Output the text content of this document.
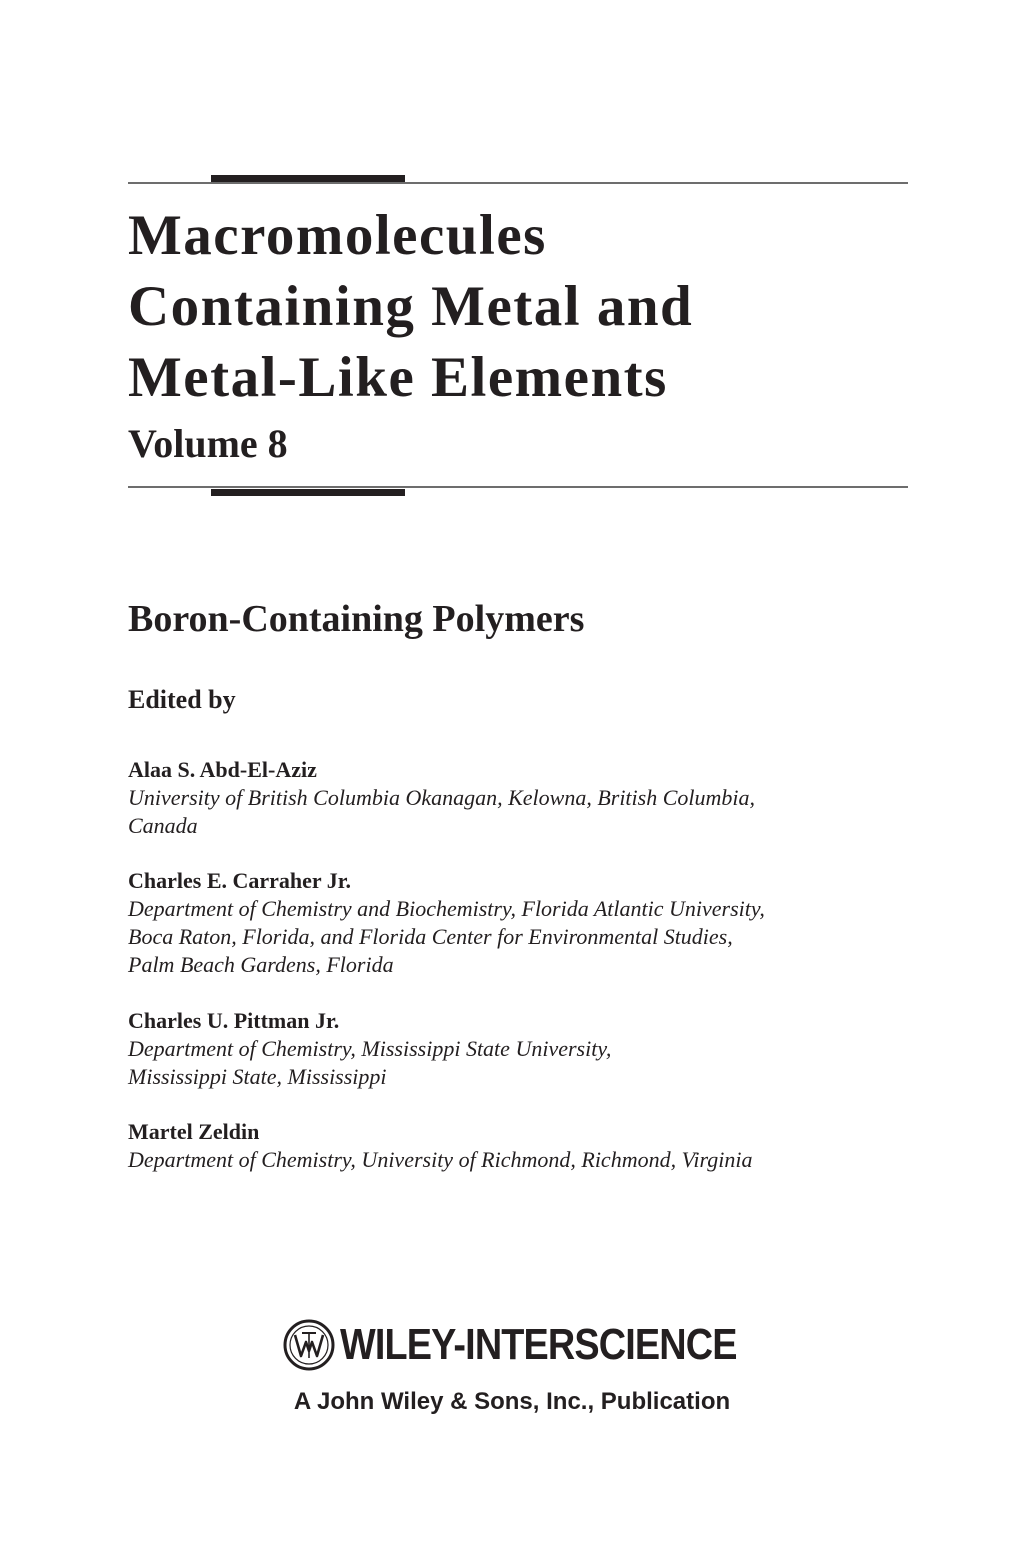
Macromolecules
Containing Metal and
Metal-Like Elements
Volume 8
Boron-Containing Polymers

Edited by

Alaa S. Abd-El-Aziz

University of British Columbia Okanagan, Kelowna, British Columbia,
Canada

Charles E. Carraher Jr.

Department of Chemistry and Biochemistry, Florida Atlantic University,
Boca Raton, Florida, and Florida Center for Environmental Studies,
Palm Beach Gardens, Florida

Charles U. Pittman Jr.

Department of Chemistry, Mississippi State University,
Mississippi State, Mississippi

Martel Zeldin

Department of Chemistry, University of Richmond, Richmond, Virginia

WILEY-INTERSCIENCE
A John Wiley & Sons, Inc., Publication
